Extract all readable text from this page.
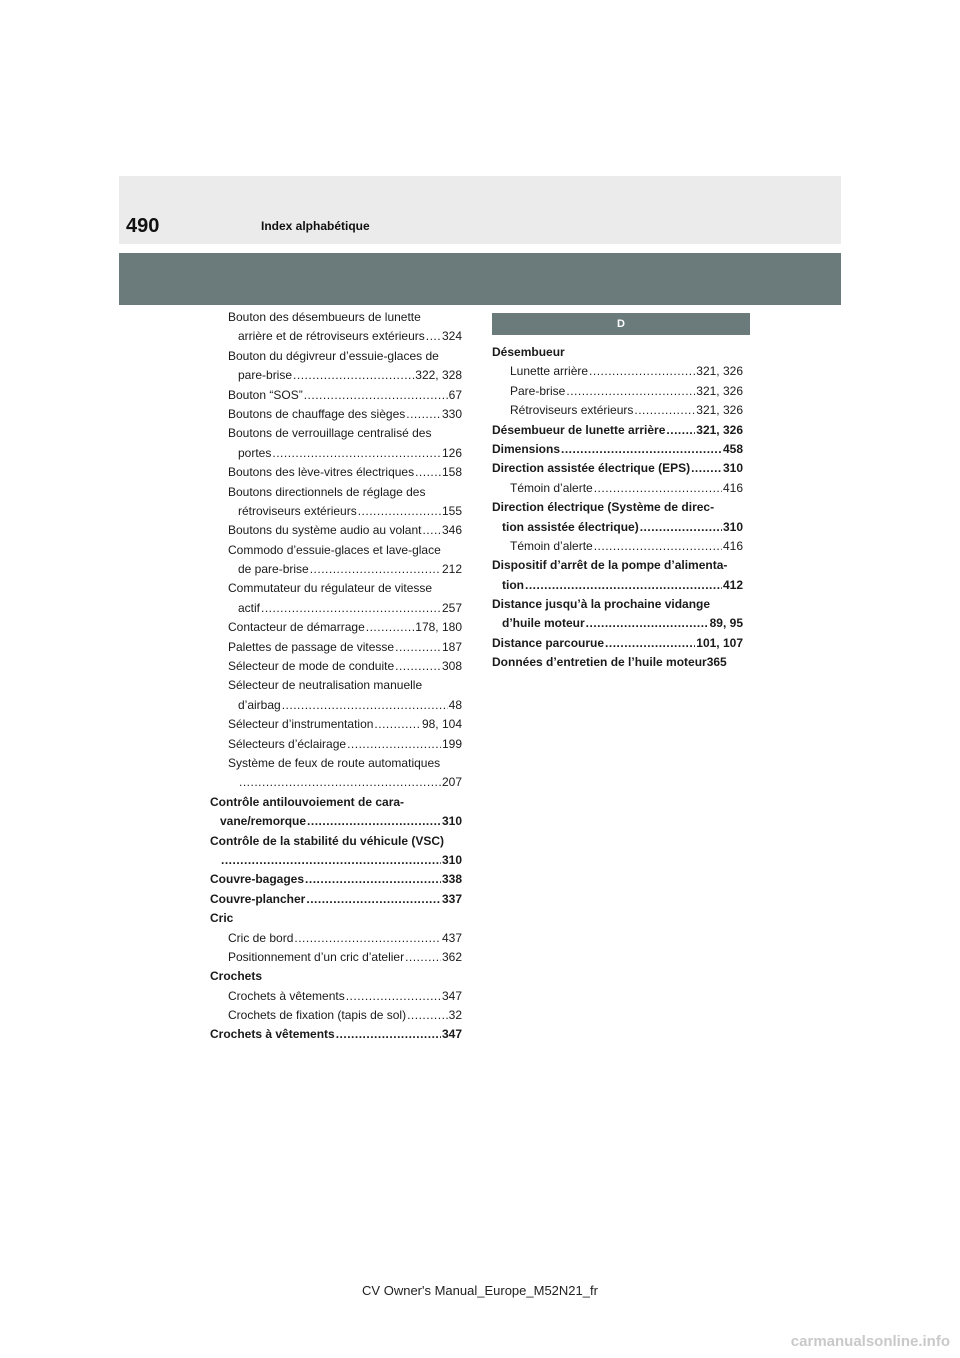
490	Index alphabétique
Bouton des désembueurs de lunette
arrière et de rétroviseurs extérieurs ..... 324
Bouton du dégivreur d’essuie-glaces de
pare-brise .....	322, 328
Bouton “SOS” .....	67
Boutons de chauffage des sièges .....	330
Boutons de verrouillage centralisé des
portes .....	126
Boutons des lève-vitres électriques ..... 158
Boutons directionnels de réglage des
rétroviseurs extérieurs .....	155
Boutons du système audio au volant ..... 346
Commodo d’essuie-glaces et lave-glace
de pare-brise .....	212
Commutateur du régulateur de vitesse
actif .....	257
Contacteur de démarrage .....	178, 180
Palettes de passage de vitesse .....	187
Sélecteur de mode de conduite .....	308
Sélecteur de neutralisation manuelle
d’airbag .....	48
Sélecteur d’instrumentation .....	98, 104
Sélecteurs d’éclairage .....	199
Système de feux de route automatiques
.....
207
Contrôle antilouvoiement de cara-
vane/remorque .....	310
Contrôle de la stabilité du véhicule (VSC)
.....
310
Couvre-bagages .....	338
Couvre-plancher .....	337
Cric
Cric de bord .....	437
Positionnement d’un cric d’atelier .....	362
Crochets
Crochets à vêtements .....	347
Crochets de fixation (tapis de sol) .....	32
Crochets à vêtements .....	347
D
Désembueur
Lunette arrière .....	321, 326
Pare-brise .....	321, 326
Rétroviseurs extérieurs .....	321, 326
Désembueur de lunette arrière .....	321, 326
Dimensions .....	458
Direction assistée électrique (EPS) .....	310
Témoin d’alerte .....	416
Direction électrique (Système de direc-
tion assistée électrique) .....	310
Témoin d’alerte .....	416
Dispositif d’arrêt de la pompe d’alimenta-
tion .....	412
Distance jusqu’à la prochaine vidange
d’huile moteur .....	89, 95
Distance parcourue .....	101, 107
Données d’entretien de l’huile moteur 365
CV Owner's Manual_Europe_M52N21_fr
carmanualsonline.info
